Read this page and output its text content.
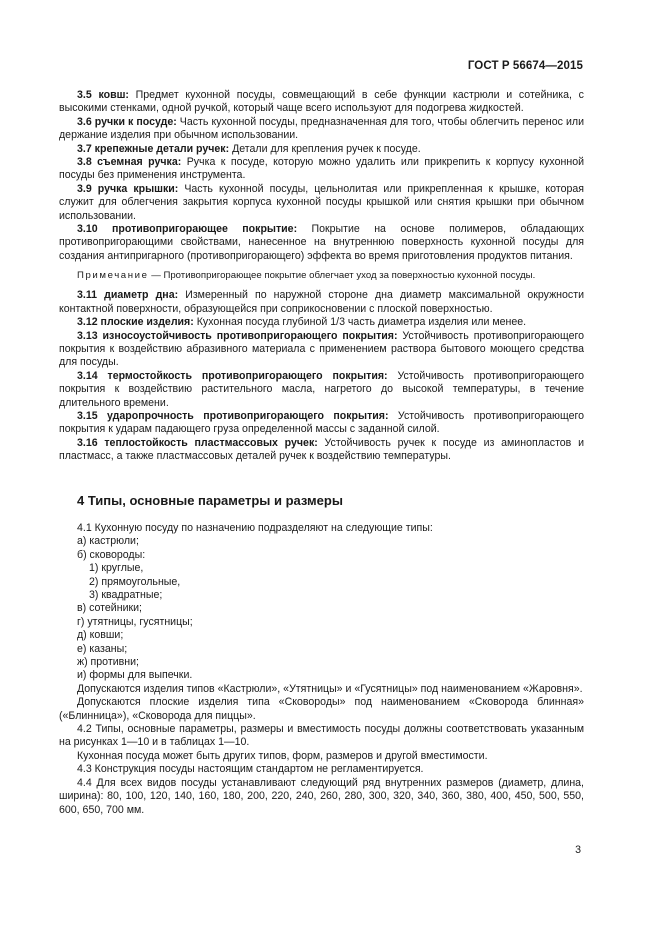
ГОСТ Р 56674—2015

3.5 ковш: Предмет кухонной посуды, совмещающий в себе функции кастрюли и сотейника, с высокими стенками, одной ручкой, который чаще всего используют для подогрева жидкостей.

3.6 ручки к посуде: Часть кухонной посуды, предназначенная для того, чтобы облегчить перенос или держание изделия при обычном использовании.

3.7 крепежные детали ручек: Детали для крепления ручек к посуде.

3.8 съемная ручка: Ручка к посуде, которую можно удалить или прикрепить к корпусу кухонной посуды без применения инструмента.

3.9 ручка крышки: Часть кухонной посуды, цельнолитая или прикрепленная к крышке, которая служит для облегчения закрытия корпуса кухонной посуды крышкой или снятия крышки при обычном использовании.

3.10 противопригорающее покрытие: Покрытие на основе полимеров, обладающих противопригорающими свойствами, нанесенное на внутреннюю поверхность кухонной посуды для создания антипригарного (противопригорающего) эффекта во время приготовления продуктов питания.

Примечание — Противопригорающее покрытие облегчает уход за поверхностью кухонной посуды.

3.11 диаметр дна: Измеренный по наружной стороне дна диаметр максимальной окружности контактной поверхности, образующейся при соприкосновении с плоской поверхностью.

3.12 плоские изделия: Кухонная посуда глубиной 1/3 часть диаметра изделия или менее.

3.13 износоустойчивость противопригорающего покрытия: Устойчивость противопригорающего покрытия к воздействию абразивного материала с применением раствора бытового моющего средства для посуды.

3.14 термостойкость противопригорающего покрытия: Устойчивость противопригорающего покрытия к воздействию растительного масла, нагретого до высокой температуры, в течение длительного времени.

3.15 ударопрочность противопригорающего покрытия: Устойчивость противопригорающего покрытия к ударам падающего груза определенной массы с заданной силой.

3.16 теплостойкость пластмассовых ручек: Устойчивость ручек к посуде из аминопластов и пластмасс, а также пластмассовых деталей ручек к воздействию температуры.

4 Типы, основные параметры и размеры

4.1 Кухонную посуду по назначению подразделяют на следующие типы:

а) кастрюли;

б) сковороды:

1) круглые,

2) прямоугольные,

3) квадратные;

в) сотейники;

г) утятницы, гусятницы;

д) ковши;

е) казаны;

ж) противни;

и) формы для выпечки.

Допускаются изделия типов «Кастрюли», «Утятницы» и «Гусятницы» под наименованием «Жаровня».

Допускаются плоские изделия типа «Сковороды» под наименованием «Сковорода блинная» («Блинница»), «Сковорода для пиццы».

4.2 Типы, основные параметры, размеры и вместимость посуды должны соответствовать указанным на рисунках 1—10 и в таблицах 1—10.

Кухонная посуда может быть других типов, форм, размеров и другой вместимости.

4.3 Конструкция посуды настоящим стандартом не регламентируется.

4.4 Для всех видов посуды устанавливают следующий ряд внутренних размеров (диаметр, длина, ширина): 80, 100, 120, 140, 160, 180, 200, 220, 240, 260, 280, 300, 320, 340, 360, 380, 400, 450, 500, 550, 600, 650, 700 мм.

3
